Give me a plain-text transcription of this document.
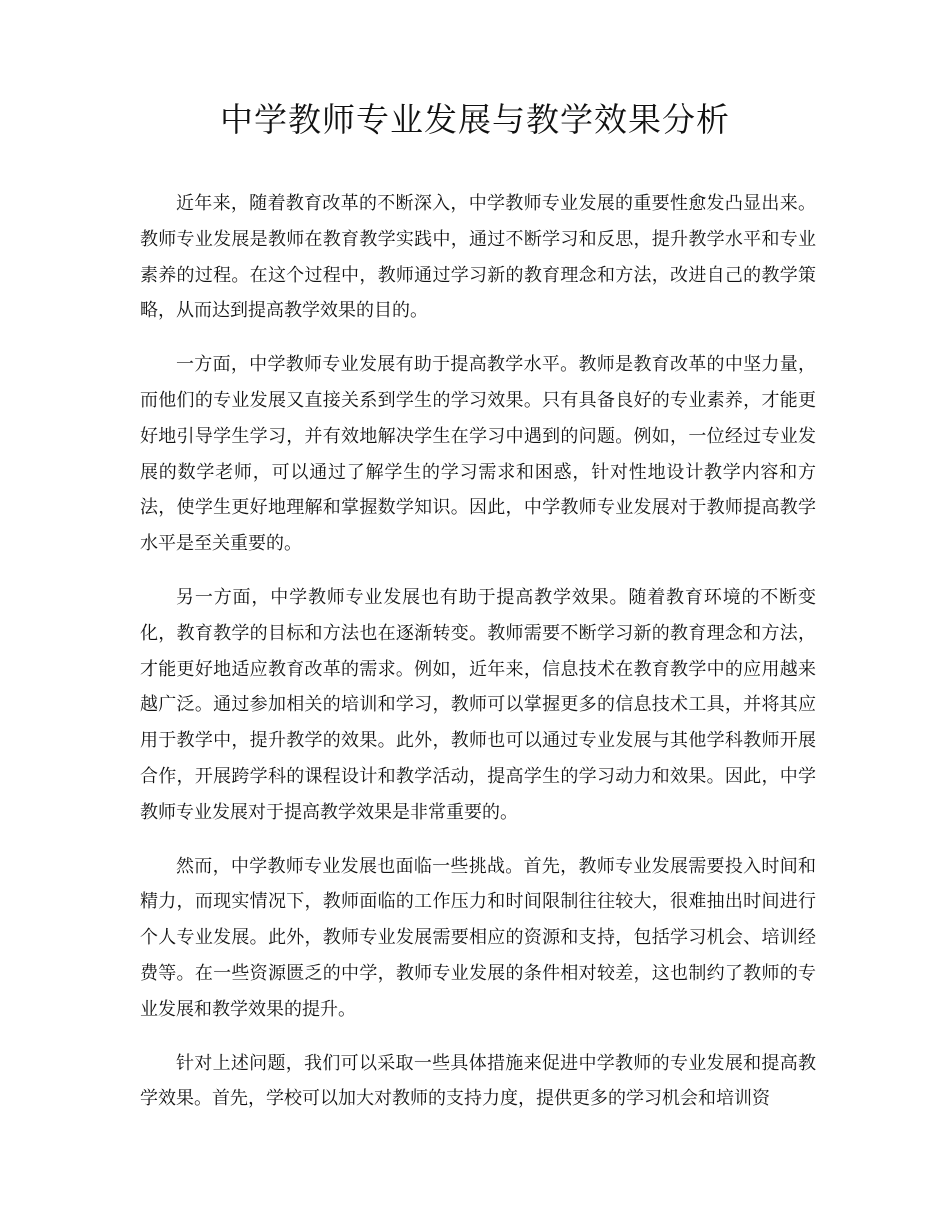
中学教师专业发展与教学效果分析

近年来，随着教育改革的不断深入，中学教师专业发展的重要性愈发凸显出来。教师专业发展是教师在教育教学实践中，通过不断学习和反思，提升教学水平和专业素养的过程。在这个过程中，教师通过学习新的教育理念和方法，改进自己的教学策略，从而达到提高教学效果的目的。

一方面，中学教师专业发展有助于提高教学水平。教师是教育改革的中坚力量，而他们的专业发展又直接关系到学生的学习效果。只有具备良好的专业素养，才能更好地引导学生学习，并有效地解决学生在学习中遇到的问题。例如，一位经过专业发展的数学老师，可以通过了解学生的学习需求和困惑，针对性地设计教学内容和方法，使学生更好地理解和掌握数学知识。因此，中学教师专业发展对于教师提高教学水平是至关重要的。

另一方面，中学教师专业发展也有助于提高教学效果。随着教育环境的不断变化，教育教学的目标和方法也在逐渐转变。教师需要不断学习新的教育理念和方法，才能更好地适应教育改革的需求。例如，近年来，信息技术在教育教学中的应用越来越广泛。通过参加相关的培训和学习，教师可以掌握更多的信息技术工具，并将其应用于教学中，提升教学的效果。此外，教师也可以通过专业发展与其他学科教师开展合作，开展跨学科的课程设计和教学活动，提高学生的学习动力和效果。因此，中学教师专业发展对于提高教学效果是非常重要的。

然而，中学教师专业发展也面临一些挑战。首先，教师专业发展需要投入时间和精力，而现实情况下，教师面临的工作压力和时间限制往往较大，很难抽出时间进行个人专业发展。此外，教师专业发展需要相应的资源和支持，包括学习机会、培训经费等。在一些资源匮乏的中学，教师专业发展的条件相对较差，这也制约了教师的专业发展和教学效果的提升。

针对上述问题，我们可以采取一些具体措施来促进中学教师的专业发展和提高教学效果。首先，学校可以加大对教师的支持力度，提供更多的学习机会和培训资
